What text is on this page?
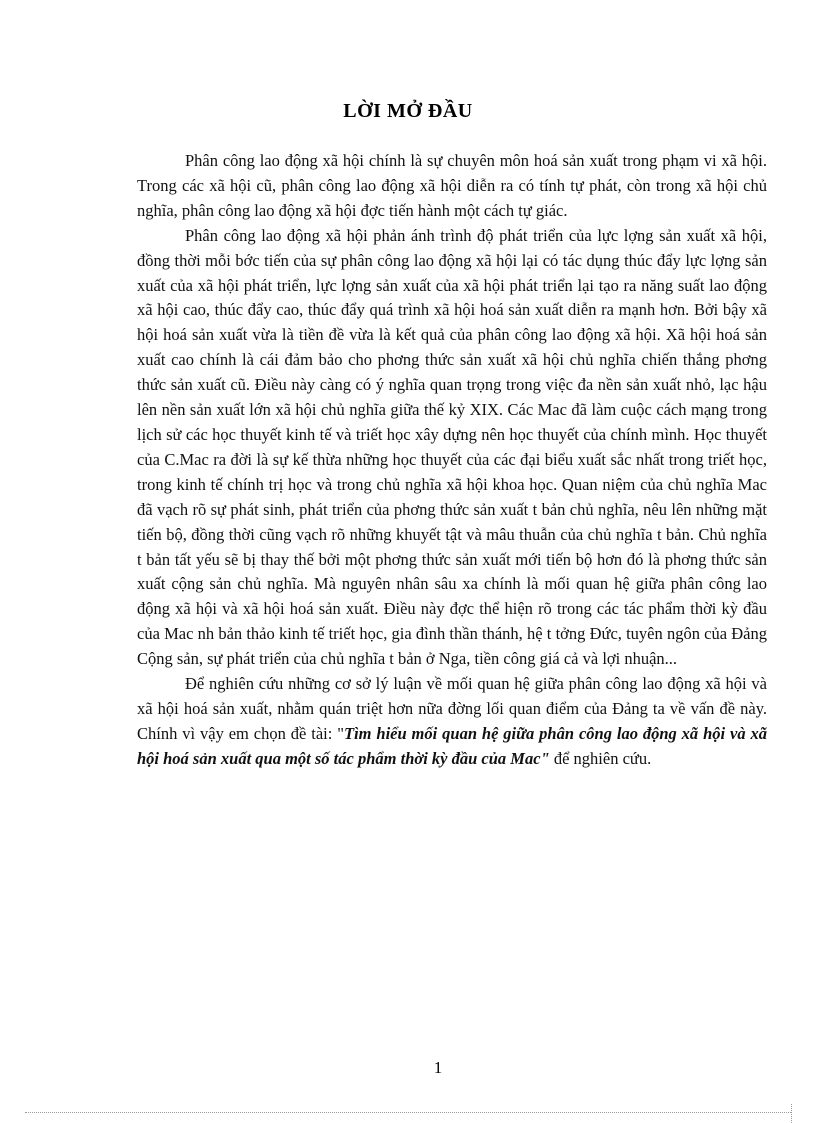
LỜI MỞ ĐẦU

Phân công lao động xã hội chính là sự chuyên môn hoá sản xuất trong phạm vi xã hội. Trong các xã hội cũ, phân công lao động xã hội diễn ra có tính tự phát, còn trong xã hội chủ nghĩa, phân công lao động xã hội đợc tiến hành một cách tự giác.

Phân công lao động xã hội phản ánh trình độ phát triển của lực lợng sản xuất xã hội, đồng thời mỗi bớc tiến của sự phân công lao động xã hội lại có tác dụng thúc đẩy lực lợng sản xuất của xã hội phát triển, lực lợng sản xuất của xã hội phát triển lại tạo ra năng suất lao động xã hội cao, thúc đẩy cao, thúc đẩy quá trình xã hội hoá sản xuất diễn ra mạnh hơn. Bởi bậy xã hội hoá sản xuất vừa là tiền đề vừa là kết quả của phân công lao động xã hội. Xã hội hoá sản xuất cao chính là cái đảm bảo cho phơng thức sản xuất xã hội chủ nghĩa chiến thắng phơng thức sản xuất cũ. Điều này càng có ý nghĩa quan trọng trong việc đa nền sản xuất nhỏ, lạc hậu lên nền sản xuất lớn xã hội chủ nghĩa giữa thế kỷ XIX. Các Mac đã làm cuộc cách mạng trong lịch sử các học thuyết kinh tế và triết học xây dựng nên học thuyết của chính mình. Học thuyết của C.Mac ra đời là sự kế thừa những học thuyết của các đại biểu xuất sắc nhất trong triết học, trong kinh tế chính trị học và trong chủ nghĩa xã hội khoa học. Quan niệm của chủ nghĩa Mac đã vạch rõ sự phát sinh, phát triển của phơng thức sản xuất t bản chủ nghĩa, nêu lên những mặt tiến bộ, đồng thời cũng vạch rõ những khuyết tật và mâu thuẫn của chủ nghĩa t bản. Chủ nghĩa t bản tất yếu sẽ bị thay thế bởi một phơng thức sản xuất mới tiến bộ hơn đó là phơng thức sản xuất cộng sản chủ nghĩa. Mà nguyên nhân sâu xa chính là mối quan hệ giữa phân công lao động xã hội và xã hội hoá sản xuất. Điều này đợc thể hiện rõ trong các tác phẩm thời kỳ đầu của Mac nh bản thảo kinh tế triết học, gia đình thần thánh, hệ t tởng Đức, tuyên ngôn của Đảng Cộng sản, sự phát triển của chủ nghĩa t bản ở Nga, tiền công giá cả và lợi nhuận...

Để nghiên cứu những cơ sở lý luận về mối quan hệ giữa phân công lao động xã hội và xã hội hoá sản xuất, nhằm quán triệt hơn nữa đờng lối quan điểm của Đảng ta về vấn đề này. Chính vì vậy em chọn đề tài: "Tìm hiểu mối quan hệ giữa phân công lao động xã hội và xã hội hoá sản xuất qua một số tác phẩm thời kỳ đầu của Mac" để nghiên cứu.

1
